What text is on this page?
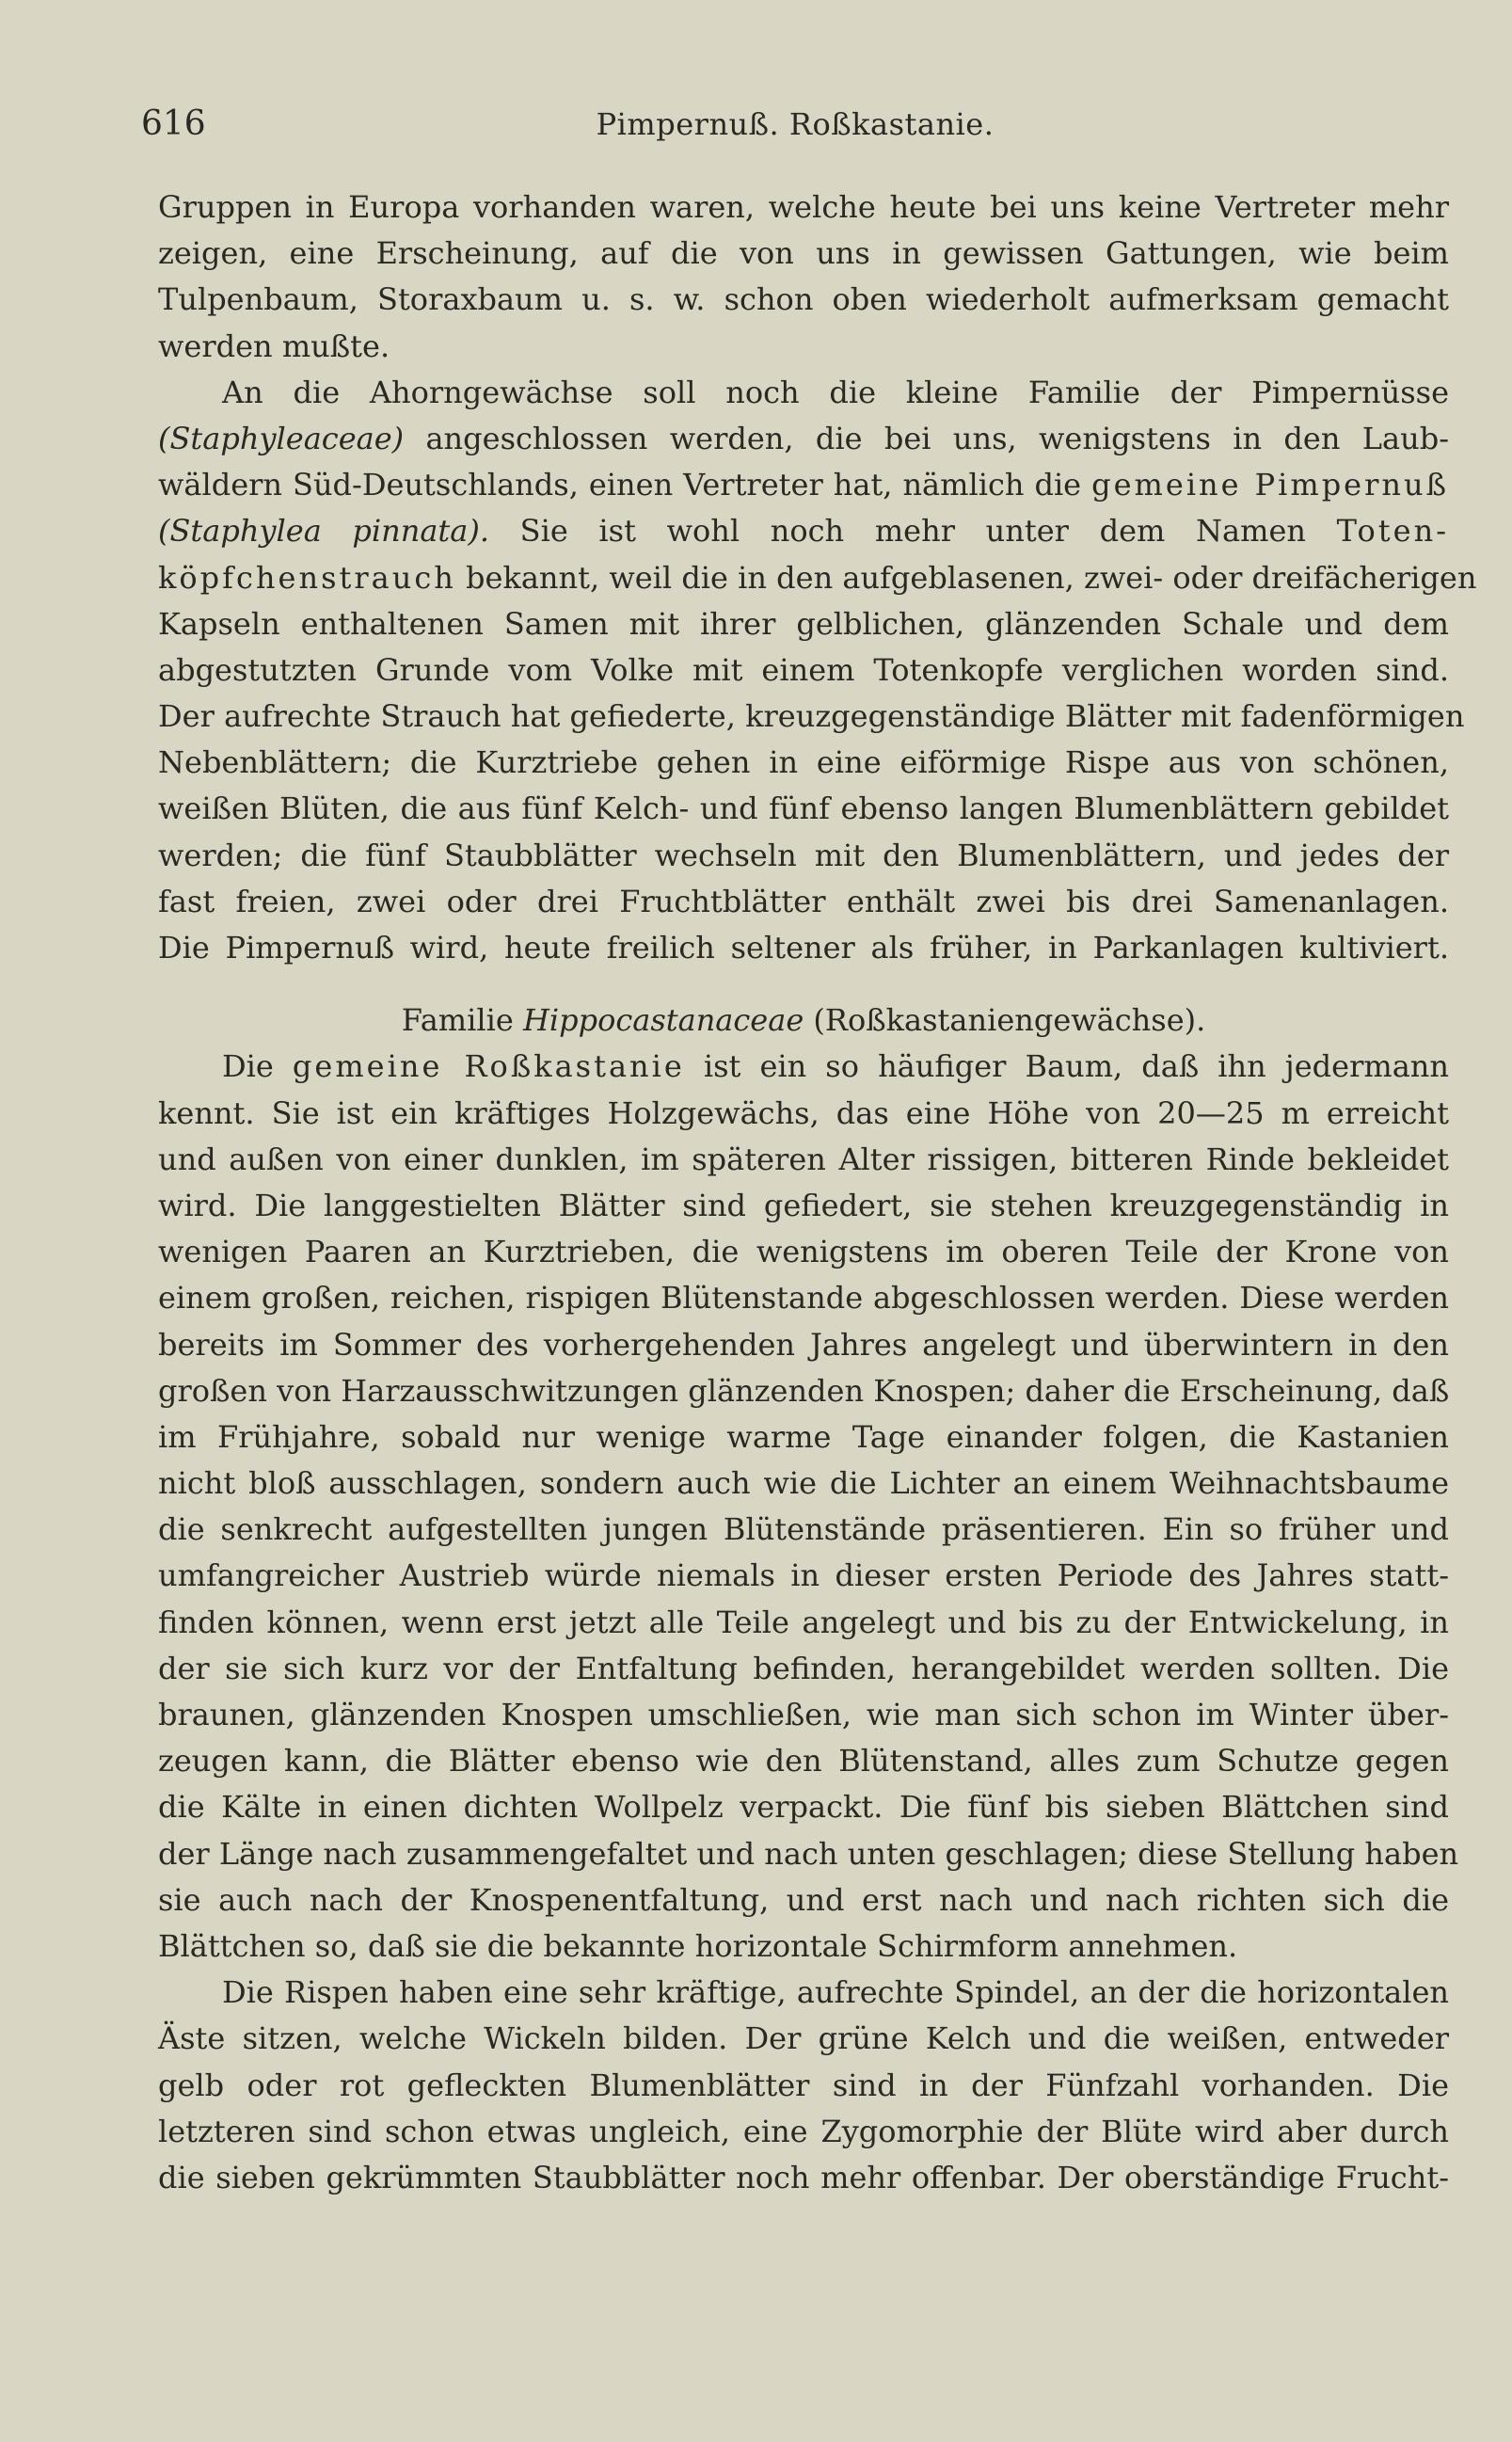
616	Pimpernuß. Roßkastanie.
Gruppen in Europa vorhanden waren, welche heute bei uns keine Vertreter mehr
zeigen, eine Erscheinung, auf die von uns in gewissen Gattungen, wie beim
Tulpenbaum, Storaxbaum u. s. w. schon oben wiederholt aufmerksam gemacht
werden mußte.
An die Ahorngewächse soll noch die kleine Familie der Pimpernüsse
(Staphyleaceae) angeschlossen werden, die bei uns, wenigstens in den Laub-
wäldern Süd-Deutschlands, einen Vertreter hat, nämlich die gemeine Pimpernuß
(Staphylea pinnata). Sie ist wohl noch mehr unter dem Namen Toten-
köpfchenstrauch bekannt, weil die in den aufgeblasenen, zwei- oder dreifächerigen
Kapseln enthaltenen Samen mit ihrer gelblichen, glänzenden Schale und dem
abgestutzten Grunde vom Volke mit einem Totenkopfe verglichen worden sind.
Der aufrechte Strauch hat gefiederte, kreuzgegenständige Blätter mit fadenförmigen
Nebenblättern; die Kurztriebe gehen in eine eiförmige Rispe aus von schönen,
weißen Blüten, die aus fünf Kelch- und fünf ebenso langen Blumenblättern gebildet
werden; die fünf Staubblätter wechseln mit den Blumenblättern, und jedes der
fast freien, zwei oder drei Fruchtblätter enthält zwei bis drei Samenanlagen.
Die Pimpernuß wird, heute freilich seltener als früher, in Parkanlagen kultiviert.
Familie Hippocastanaceae (Roßkastaniengewächse).
Die gemeine Roßkastanie ist ein so häufiger Baum, daß ihn jedermann
kennt. Sie ist ein kräftiges Holzgewächs, das eine Höhe von 20—25 m erreicht
und außen von einer dunklen, im späteren Alter rissigen, bitteren Rinde bekleidet
wird. Die langgestielten Blätter sind gefiedert, sie stehen kreuzgegenständig in
wenigen Paaren an Kurztrieben, die wenigstens im oberen Teile der Krone von
einem großen, reichen, rispigen Blütenstande abgeschlossen werden. Diese werden
bereits im Sommer des vorhergehenden Jahres angelegt und überwintern in den
großen von Harzausschwitzungen glänzenden Knospen; daher die Erscheinung, daß
im Frühjahre, sobald nur wenige warme Tage einander folgen, die Kastanien
nicht bloß ausschlagen, sondern auch wie die Lichter an einem Weihnachtsbaume
die senkrecht aufgestellten jungen Blütenstände präsentieren. Ein so früher und
umfangreicher Austrieb würde niemals in dieser ersten Periode des Jahres statt-
finden können, wenn erst jetzt alle Teile angelegt und bis zu der Entwickelung, in
der sie sich kurz vor der Entfaltung befinden, herangebildet werden sollten. Die
braunen, glänzenden Knospen umschließen, wie man sich schon im Winter über-
zeugen kann, die Blätter ebenso wie den Blütenstand, alles zum Schutze gegen
die Kälte in einen dichten Wollpelz verpackt. Die fünf bis sieben Blättchen sind
der Länge nach zusammengefaltet und nach unten geschlagen; diese Stellung haben
sie auch nach der Knospenentfaltung, und erst nach und nach richten sich die
Blättchen so, daß sie die bekannte horizontale Schirmform annehmen.
Die Rispen haben eine sehr kräftige, aufrechte Spindel, an der die horizontalen
Äste sitzen, welche Wickeln bilden. Der grüne Kelch und die weißen, entweder
gelb oder rot gefleckten Blumenblätter sind in der Fünfzahl vorhanden. Die
letzteren sind schon etwas ungleich, eine Zygomorphie der Blüte wird aber durch
die sieben gekrümmten Staubblätter noch mehr offenbar. Der oberständige Frucht-
